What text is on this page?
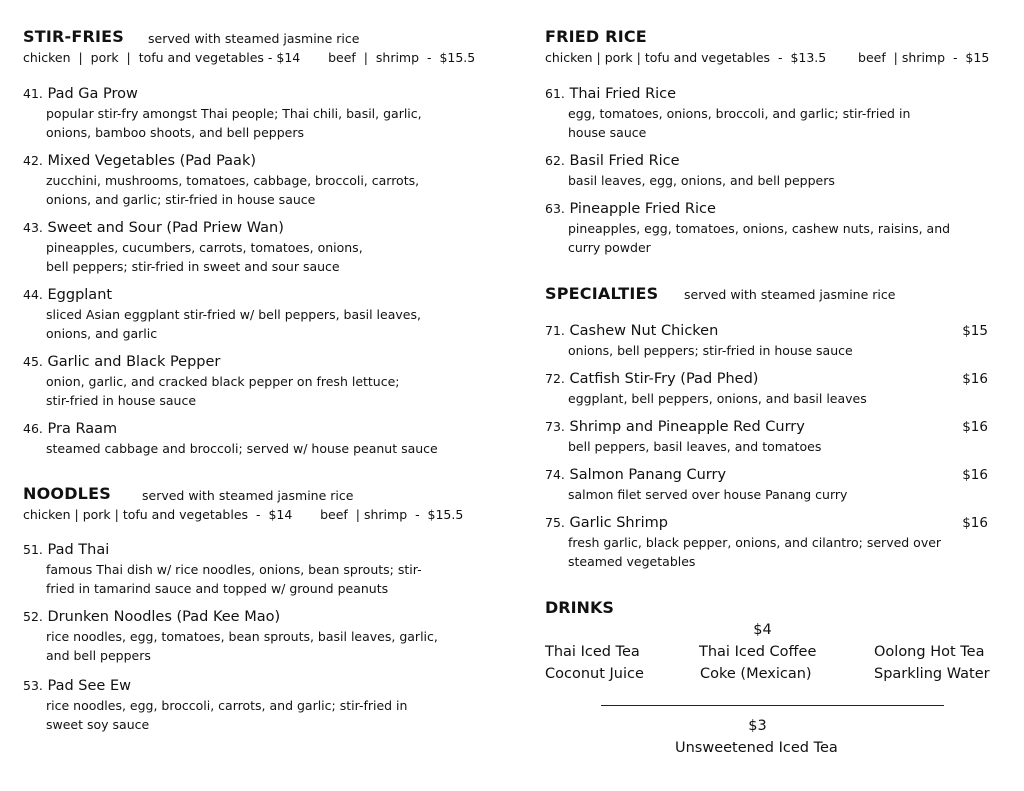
STIR-FRIES served with steamed jasmine rice
chicken  |  pork  |  tofu and vegetables - $14       beef  |  shrimp  -  $15.5
41. Pad Ga Prow

popular stir-fry amongst Thai people; Thai chili, basil, garlic, onions, bamboo shoots, and bell peppers

42. Mixed Vegetables (Pad Paak)

zucchini, mushrooms, tomatoes, cabbage, broccoli, carrots, onions, and garlic; stir-fried in house sauce

43. Sweet and Sour (Pad Priew Wan)

pineapples, cucumbers, carrots, tomatoes, onions, bell peppers; stir-fried in sweet and sour sauce

44. Eggplant

sliced Asian eggplant stir-fried w/ bell peppers, basil leaves, onions, and garlic

45. Garlic and Black Pepper

onion, garlic, and cracked black pepper on fresh lettuce; stir-fried in house sauce

46. Pra Raam

steamed cabbage and broccoli; served w/ house peanut sauce

NOODLES served with steamed jasmine rice
chicken | pork | tofu and vegetables  -  $14       beef  | shrimp  -  $15.5
51. Pad Thai

famous Thai dish w/ rice noodles, onions, bean sprouts; stir-fried in tamarind sauce and topped w/ ground peanuts

52. Drunken Noodles (Pad Kee Mao)

rice noodles, egg, tomatoes, bean sprouts, basil leaves, garlic, and bell peppers

53. Pad See Ew

rice noodles, egg, broccoli, carrots, and garlic; stir-fried in sweet soy sauce

FRIED RICE
chicken | pork | tofu and vegetables  -  $13.5        beef  | shrimp  -  $15
61. Thai Fried Rice

egg, tomatoes, onions, broccoli, and garlic; stir-fried in house sauce

62. Basil Fried Rice

basil leaves, egg, onions, and bell peppers

63. Pineapple Fried Rice

pineapples, egg, tomatoes, onions, cashew nuts, raisins, and curry powder

SPECIALTIES served with steamed jasmine rice
71. Cashew Nut Chicken	$15

onions, bell peppers; stir-fried in house sauce

72. Catfish Stir-Fry (Pad Phed)	$16

eggplant, bell peppers, onions, and basil leaves

73. Shrimp and Pineapple Red Curry	$16

bell peppers, basil leaves, and tomatoes

74. Salmon Panang Curry	$16

salmon filet served over house Panang curry

75. Garlic Shrimp	$16

fresh garlic, black pepper, onions, and cilantro; served over steamed vegetables

DRINKS
$4
Thai Iced Tea	Thai Iced Coffee	Oolong Hot Tea
Coconut Juice	Coke (Mexican)	Sparkling Water
$3
Unsweetened Iced Tea
